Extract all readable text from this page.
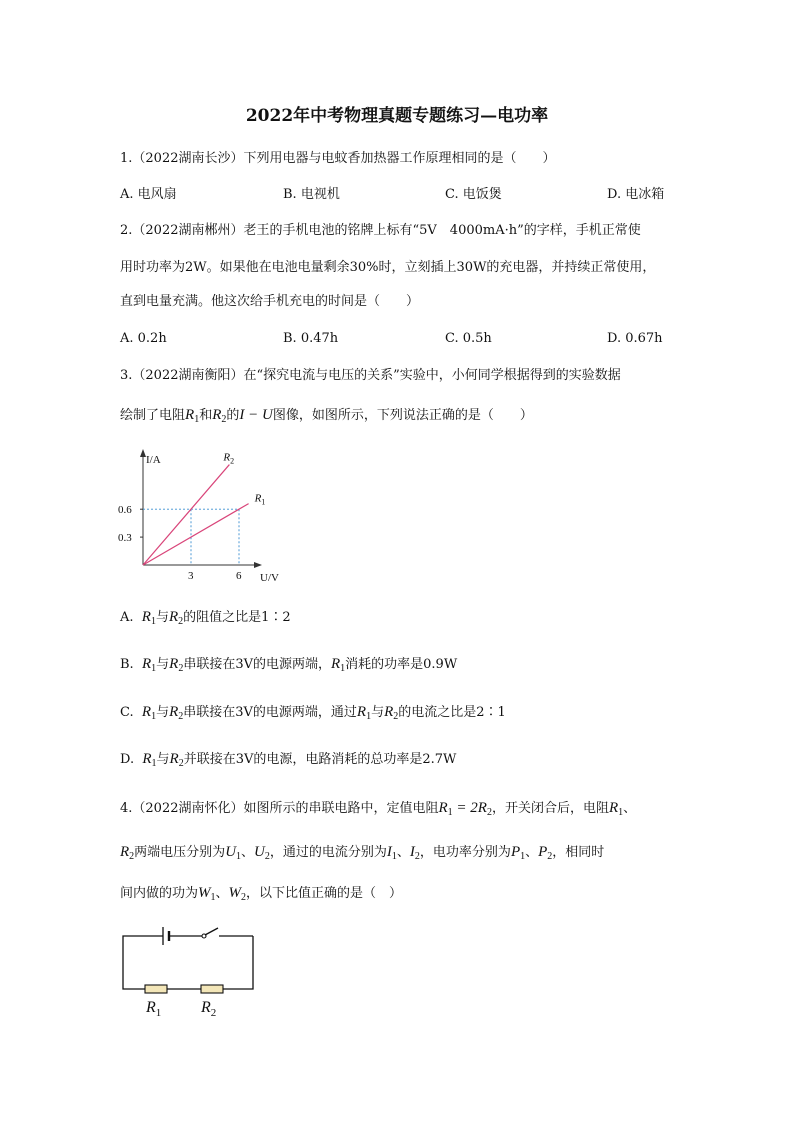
2022年中考物理真题专题练习—电功率
1.（2022湖南长沙）下列用电器与电蚊香加热器工作原理相同的是（　　）
A. 电风扇	B. 电视机	C. 电饭煲	D. 电冰箱
2.（2022湖南郴州）老王的手机电池的铭牌上标有“5V　4000mA·h”的字样，手机正常使
用时功率为2W。如果他在电池电量剩余30%时，立刻插上30W的充电器，并持续正常使用，
直到电量充满。他这次给手机充电的时间是（　　）
A. 0.2h	B. 0.47h	C. 0.5h	D. 0.67h
3.（2022湖南衡阳）在“探究电流与电压的关系”实验中，小何同学根据得到的实验数据
绘制了电阻$R_1$和$R_2$的I − U图像，如图所示，下列说法正确的是（　　）
I/A
U/V
3	6
0.3
0.6
$R_2$
$R_1$
A. $R_1$与$R_2$的阻值之比是1∶2
B. $R_1$与$R_2$串联接在3V的电源两端，$R_1$消耗的功率是0.9W
C. $R_1$与$R_2$串联接在3V的电源两端，通过$R_1$与$R_2$的电流之比是2∶1
D. $R_1$与$R_2$并联接在3V的电源，电路消耗的总功率是2.7W
4.（2022湖南怀化）如图所示的串联电路中，定值电阻$R_1 = 2R_2$，开关闭合后，电阻$R_1$、
$R_2$两端电压分别为$U_1$、$U_2$，通过的电流分别为$I_1$、$I_2$，电功率分别为$P_1$、$P_2$，相同时
间内做的功为$W_1$、$W_2$，以下比值正确的是（　）
$R_1$ $R_2$
